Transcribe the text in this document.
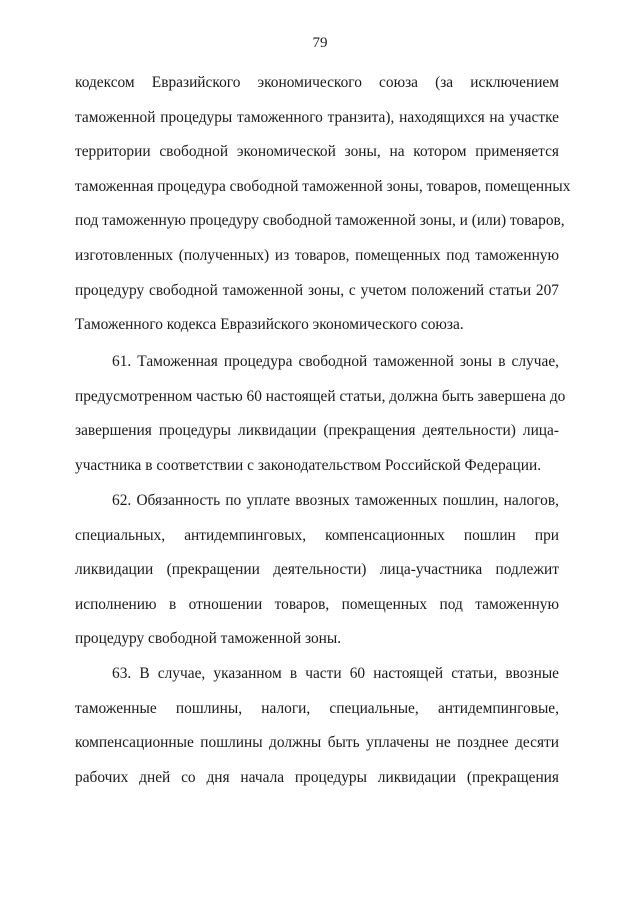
79
кодексом Евразийского экономического союза (за исключением
таможенной процедуры таможенного транзита), находящихся на участке
территории свободной экономической зоны, на котором применяется
таможенная процедура свободной таможенной зоны, товаров, помещенных
под таможенную процедуру свободной таможенной зоны, и (или) товаров,
изготовленных (полученных) из товаров, помещенных под таможенную
процедуру свободной таможенной зоны, с учетом положений статьи 207
Таможенного кодекса Евразийского экономического союза.
61. Таможенная процедура свободной таможенной зоны в случае,
предусмотренном частью 60 настоящей статьи, должна быть завершена до
завершения процедуры ликвидации (прекращения деятельности) лица-
участника в соответствии с законодательством Российской Федерации.
62. Обязанность по уплате ввозных таможенных пошлин, налогов,
специальных, антидемпинговых, компенсационных пошлин при
ликвидации (прекращении деятельности) лица-участника подлежит
исполнению в отношении товаров, помещенных под таможенную
процедуру свободной таможенной зоны.
63. В случае, указанном в части 60 настоящей статьи, ввозные
таможенные пошлины, налоги, специальные, антидемпинговые,
компенсационные пошлины должны быть уплачены не позднее десяти
рабочих дней со дня начала процедуры ликвидации (прекращения
